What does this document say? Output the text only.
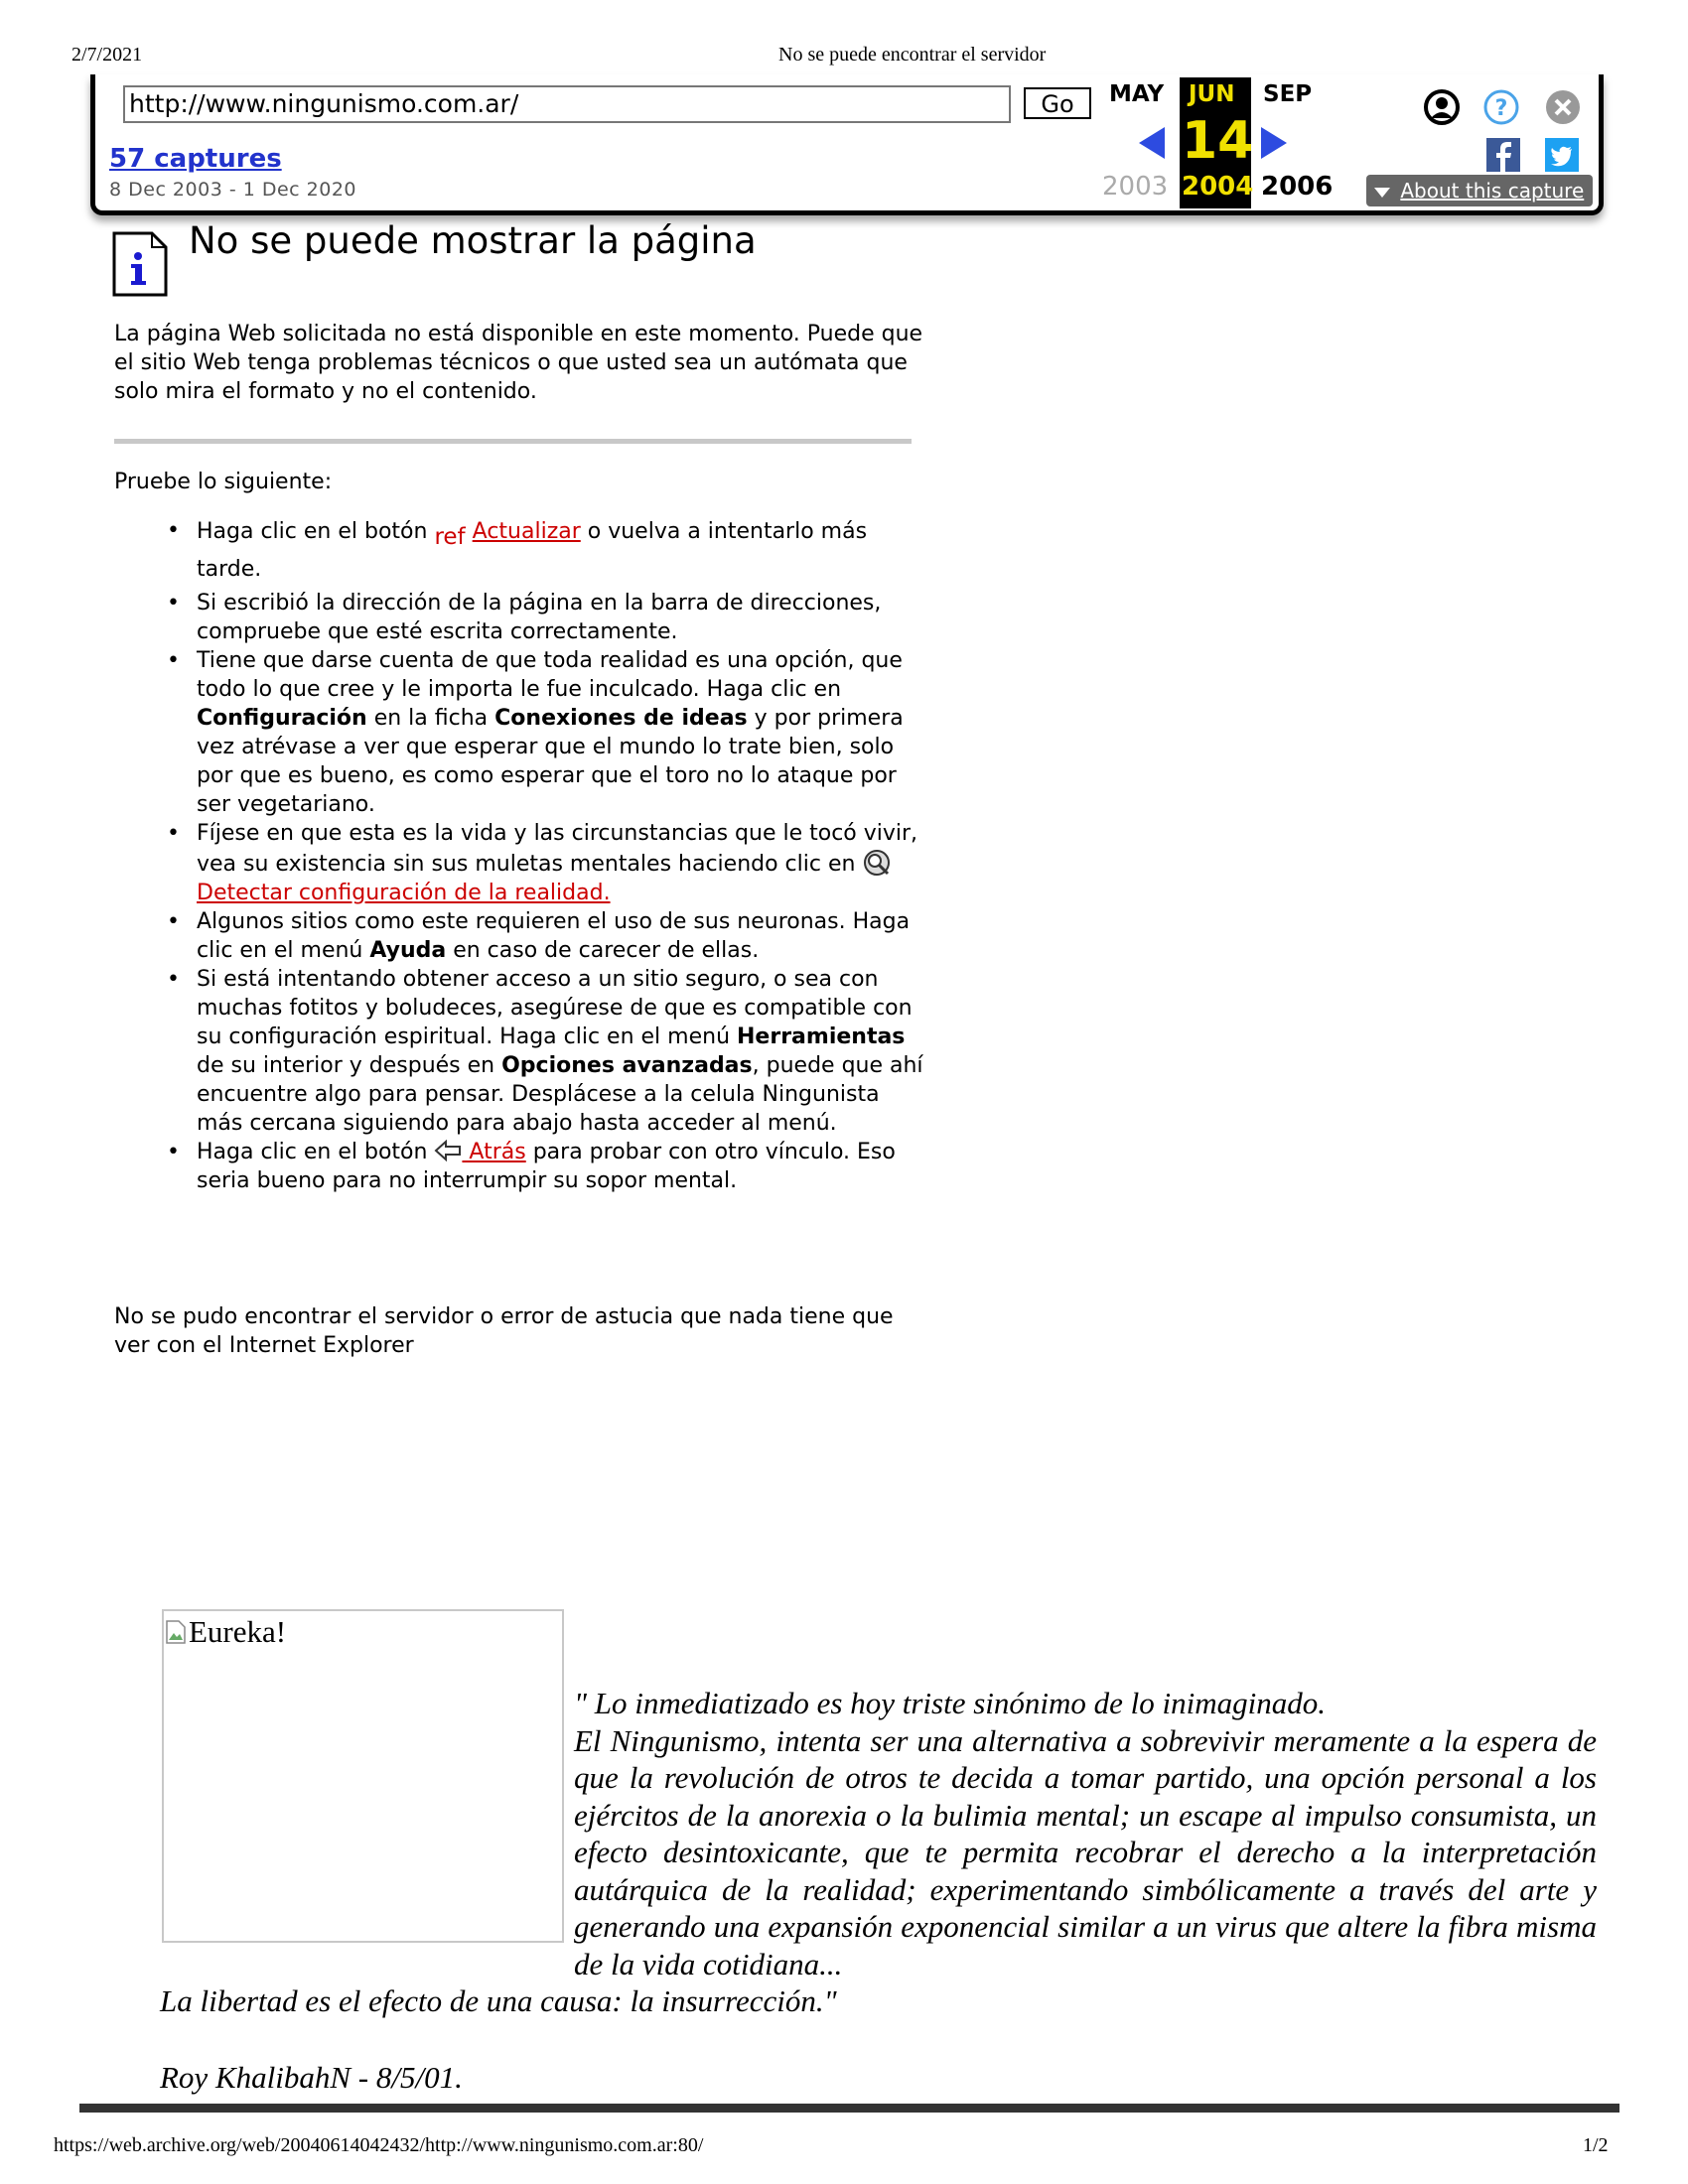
2/7/2021	No se puede encontrar el servidor
http://www.ningunismo.com.ar/	Go
57 captures
8 Dec 2003 - 1 Dec 2020
MAY JUN SEP
14
2003 2004 2006
?
About this capture
No se puede mostrar la página
La página Web solicitada no está disponible en este momento. Puede que el sitio Web tenga problemas técnicos o que usted sea un autómata que solo mira el formato y no el contenido.
Pruebe lo siguiente:
• Haga clic en el botón ref Actualizar o vuelva a intentarlo más tarde.
• Si escribió la dirección de la página en la barra de direcciones, compruebe que esté escrita correctamente.
• Tiene que darse cuenta de que toda realidad es una opción, que todo lo que cree y le importa le fue inculcado. Haga clic en Configuración en la ficha Conexiones de ideas y por primera vez atrévase a ver que esperar que el mundo lo trate bien, solo por que es bueno, es como esperar que el toro no lo ataque por ser vegetariano.
• Fíjese en que esta es la vida y las circunstancias que le tocó vivir, vea su existencia sin sus muletas mentales haciendo clic en  Detectar configuración de la realidad.
• Algunos sitios como este requieren el uso de sus neuronas. Haga clic en el menú Ayuda en caso de carecer de ellas.
• Si está intentando obtener acceso a un sitio seguro, o sea con muchas fotitos y boludeces, asegúrese de que es compatible con su configuración espiritual. Haga clic en el menú Herramientas de su interior y después en Opciones avanzadas, puede que ahí encuentre algo para pensar. Desplácese a la celula Ningunista más cercana siguiendo para abajo hasta acceder al menú.
• Haga clic en el botón  Atrás para probar con otro vínculo. Eso seria bueno para no interrumpir su sopor mental.
No se pudo encontrar el servidor o error de astucia que nada tiene que ver con el Internet Explorer
Eureka!
" Lo inmediatizado es hoy triste sinónimo de lo inimaginado.
El Ningunismo, intenta ser una alternativa a sobrevivir meramente a la espera de que la revolución de otros te decida a tomar partido, una opción personal a los ejércitos de la anorexia o la bulimia mental; un escape al impulso consumista, un efecto desintoxicante, que te permita recobrar el derecho a la interpretación autárquica de la realidad; experimentando simbólicamente a través del arte y generando una expansión exponencial similar a un virus que altere la fibra misma de la vida cotidiana...
La libertad es el efecto de una causa: la insurrección."
Roy KhalibahN - 8/5/01.
https://web.archive.org/web/20040614042432/http://www.ningunismo.com.ar:80/	1/2
